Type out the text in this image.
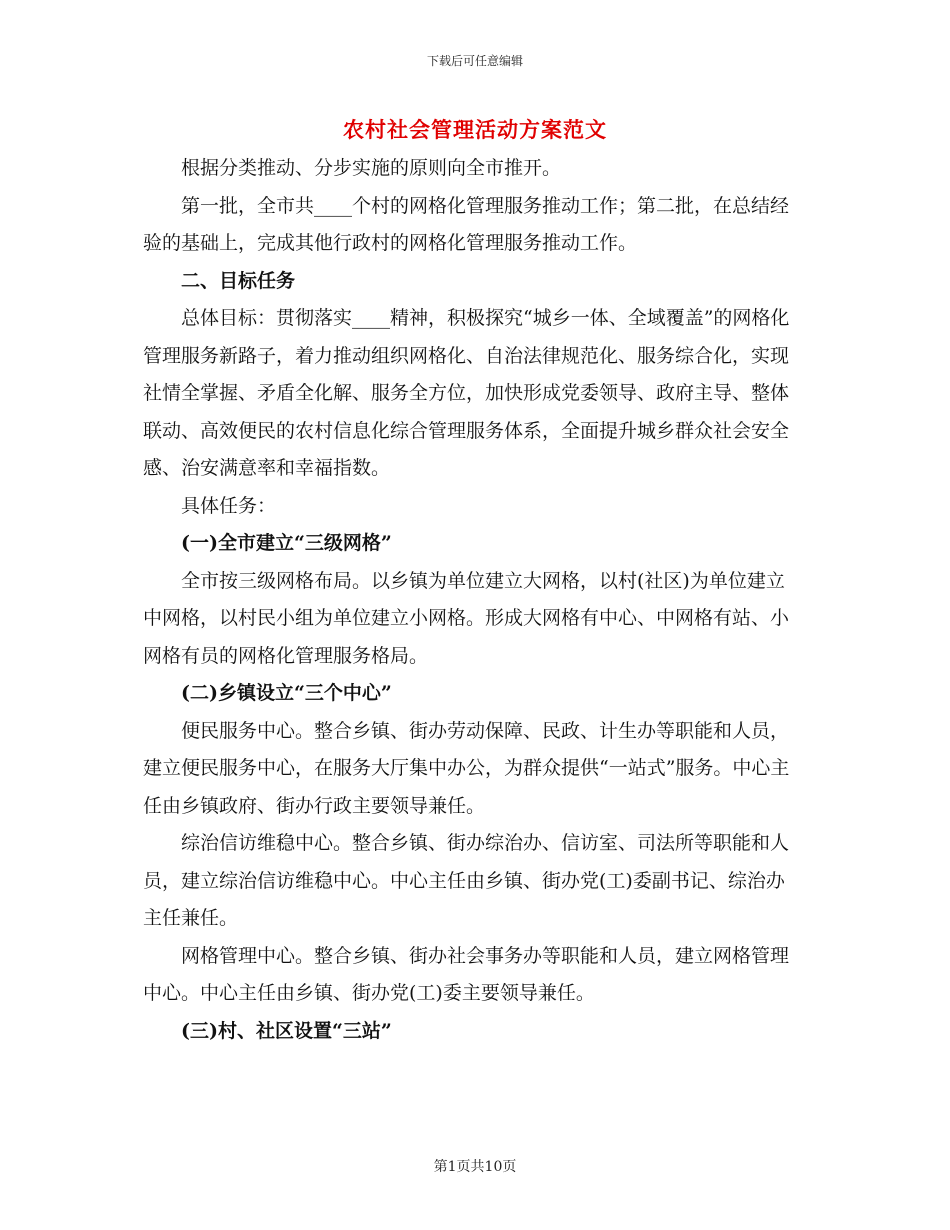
下载后可任意编辑
农村社会管理活动方案范文

根据分类推动、分步实施的原则向全市推开。

第一批，全市共____个村的网格化管理服务推动工作；第二批，在总结经验的基础上，完成其他行政村的网格化管理服务推动工作。

二、目标任务

总体目标：贯彻落实____精神，积极探究“城乡一体、全域覆盖”的网格化管理服务新路子，着力推动组织网格化、自治法律规范化、服务综合化，实现社情全掌握、矛盾全化解、服务全方位，加快形成党委领导、政府主导、整体联动、高效便民的农村信息化综合管理服务体系，全面提升城乡群众社会安全感、治安满意率和幸福指数。

具体任务：

(一)全市建立“三级网格”

全市按三级网格布局。以乡镇为单位建立大网格，以村(社区)为单位建立中网格，以村民小组为单位建立小网格。形成大网格有中心、中网格有站、小网格有员的网格化管理服务格局。

(二)乡镇设立“三个中心”

便民服务中心。整合乡镇、街办劳动保障、民政、计生办等职能和人员，建立便民服务中心，在服务大厅集中办公，为群众提供“一站式”服务。中心主任由乡镇政府、街办行政主要领导兼任。

综治信访维稳中心。整合乡镇、街办综治办、信访室、司法所等职能和人员，建立综治信访维稳中心。中心主任由乡镇、街办党(工)委副书记、综治办主任兼任。

网格管理中心。整合乡镇、街办社会事务办等职能和人员，建立网格管理中心。中心主任由乡镇、街办党(工)委主要领导兼任。

(三)村、社区设置“三站”

第1页共10页
